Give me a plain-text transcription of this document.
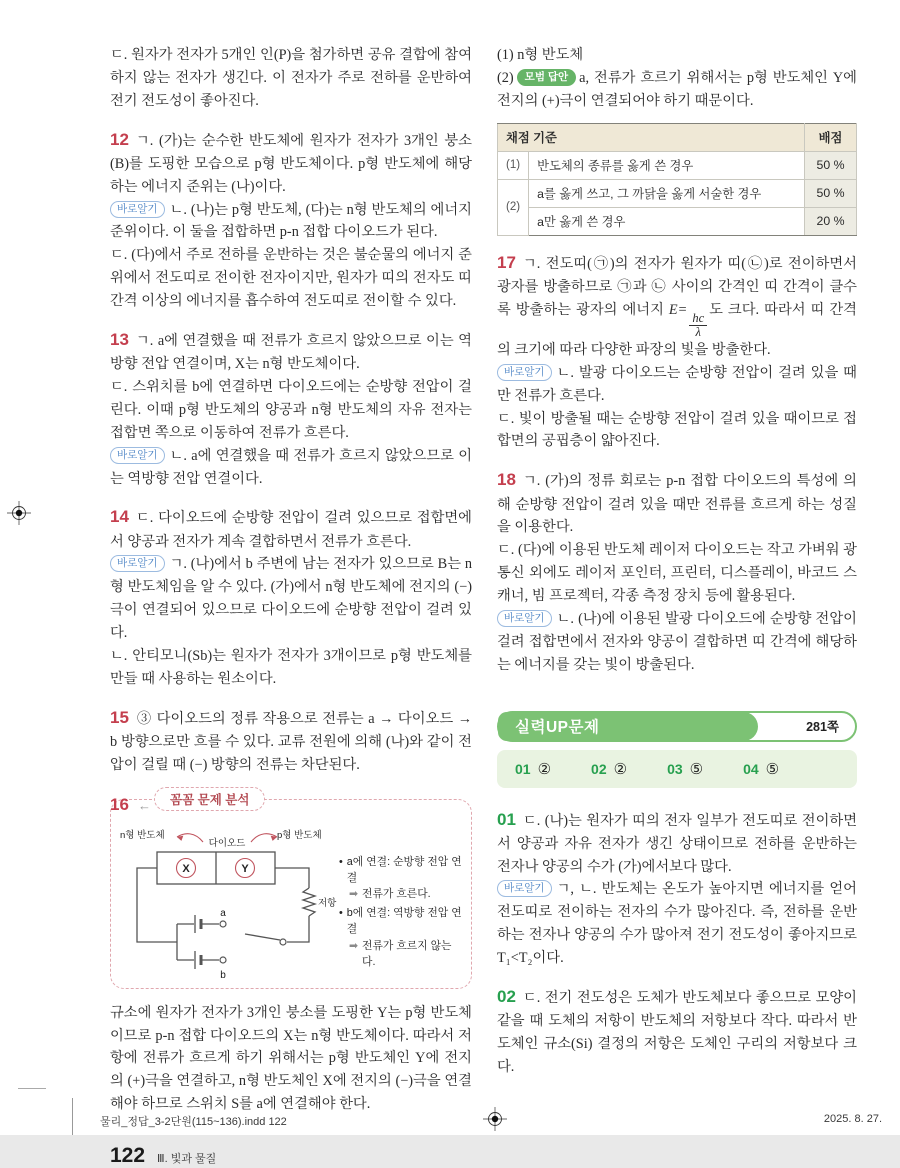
ㄷ. 원자가 전자가 5개인 인(P)을 첨가하면 공유 결합에 참여하지 않는 전자가 생긴다. 이 전자가 주로 전하를 운반하여 전기 전도성이 좋아진다.

12 ㄱ. (가)는 순수한 반도체에 원자가 전자가 3개인 붕소(B)를 도핑한 모습으로 p형 반도체이다. p형 반도체에 해당하는 에너지 준위는 (나)이다.

바로알기 ㄴ. (나)는 p형 반도체, (다)는 n형 반도체의 에너지 준위이다. 이 둘을 접합하면 p-n 접합 다이오드가 된다.

ㄷ. (다)에서 주로 전하를 운반하는 것은 불순물의 에너지 준위에서 전도띠로 전이한 전자이지만, 원자가 띠의 전자도 띠 간격 이상의 에너지를 흡수하여 전도띠로 전이할 수 있다.

13 ㄱ. a에 연결했을 때 전류가 흐르지 않았으므로 이는 역방향 전압 연결이며, X는 n형 반도체이다.

ㄷ. 스위치를 b에 연결하면 다이오드에는 순방향 전압이 걸린다. 이때 p형 반도체의 양공과 n형 반도체의 자유 전자는 접합면 쪽으로 이동하여 전류가 흐른다.

바로알기 ㄴ. a에 연결했을 때 전류가 흐르지 않았으므로 이는 역방향 전압 연결이다.

14 ㄷ. 다이오드에 순방향 전압이 걸려 있으므로 접합면에서 양공과 전자가 계속 결합하면서 전류가 흐른다.

바로알기 ㄱ. (나)에서 b 주변에 남는 전자가 있으므로 B는 n형 반도체임을 알 수 있다. (가)에서 n형 반도체에 전지의 (−)극이 연결되어 있으므로 다이오드에 순방향 전압이 걸려 있다.

ㄴ. 안티모니(Sb)는 원자가 전자가 3개이므로 p형 반도체를 만들 때 사용하는 원소이다.

15 ③ 다이오드의 정류 작용으로 전류는 a → 다이오드 → b 방향으로만 흐를 수 있다. 교류 전원에 의해 (나)와 같이 전압이 걸릴 때 (−) 방향의 전류는 차단된다.

16 ←	꼼꼼 문제 분석
n형 반도체
다이오드
p형 반도체
X	Y
a
b
저항
• a에 연결: 순방향 전압 연결
➡ 전류가 흐른다.
• b에 연결: 역방향 전압 연결
➡ 전류가 흐르지 않는다.

규소에 원자가 전자가 3개인 붕소를 도핑한 Y는 p형 반도체이므로 p-n 접합 다이오드의 X는 n형 반도체이다. 따라서 저항에 전류가 흐르게 하기 위해서는 p형 반도체인 Y에 전지의 (+)극을 연결하고, n형 반도체인 X에 전지의 (−)극을 연결해야 하므로 스위치 S를 a에 연결해야 한다.

122 Ⅲ. 빛과 물질

(1) n형 반도체

(2) 모범 답안 a, 전류가 흐르기 위해서는 p형 반도체인 Y에 전지의 (+)극이 연결되어야 하기 때문이다.

채점 기준		배점
(1)	반도체의 종류를 옳게 쓴 경우	50 %
(2)	a를 옳게 쓰고, 그 까닭을 옳게 서술한 경우	50 %
	a만 옳게 쓴 경우	20 %

17 ㄱ. 전도띠(㉠)의 전자가 원자가 띠(㉡)로 전이하면서 광자를 방출하므로 ㉠과 ㉡ 사이의 간격인 띠 간격이 클수록 방출하는 광자의 에너지 E=
$\frac{hc}{\lambda}$
도 크다. 따라서 띠 간격의 크기에 따라 다양한 파장의 빛을 방출한다.

바로알기 ㄴ. 발광 다이오드는 순방향 전압이 걸려 있을 때만 전류가 흐른다.

ㄷ. 빛이 방출될 때는 순방향 전압이 걸려 있을 때이므로 접합면의 공핍층이 얇아진다.

18 ㄱ. (가)의 정류 회로는 p-n 접합 다이오드의 특성에 의해 순방향 전압이 걸려 있을 때만 전류를 흐르게 하는 성질을 이용한다.

ㄷ. (다)에 이용된 반도체 레이저 다이오드는 작고 가벼워 광통신 외에도 레이저 포인터, 프린터, 디스플레이, 바코드 스캐너, 빔 프로젝터, 각종 측정 장치 등에 활용된다.

바로알기 ㄴ. (나)에 이용된 발광 다이오드에 순방향 전압이 걸려 접합면에서 전자와 양공이 결합하면 띠 간격에 해당하는 에너지를 갖는 빛이 방출된다.

실력UP문제	281쪽
01 ②	02 ②	03 ⑤	04 ⑤

01 ㄷ. (나)는 원자가 띠의 전자 일부가 전도띠로 전이하면서 양공과 자유 전자가 생긴 상태이므로 전하를 운반하는 전자나 양공의 수가 (가)에서보다 많다.

바로알기 ㄱ, ㄴ. 반도체는 온도가 높아지면 에너지를 얻어 전도띠로 전이하는 전자의 수가 많아진다. 즉, 전하를 운반하는 전자나 양공의 수가 많아져 전기 전도성이 좋아지므로 T₁<T₂이다.

02 ㄷ. 전기 전도성은 도체가 반도체보다 좋으므로 모양이 같을 때 도체의 저항이 반도체의 저항보다 작다. 따라서 반도체인 규소(Si) 결정의 저항은 도체인 구리의 저항보다 크다.

물리_정답_3-2단원(115~136).indd 122	2025. 8. 27.
